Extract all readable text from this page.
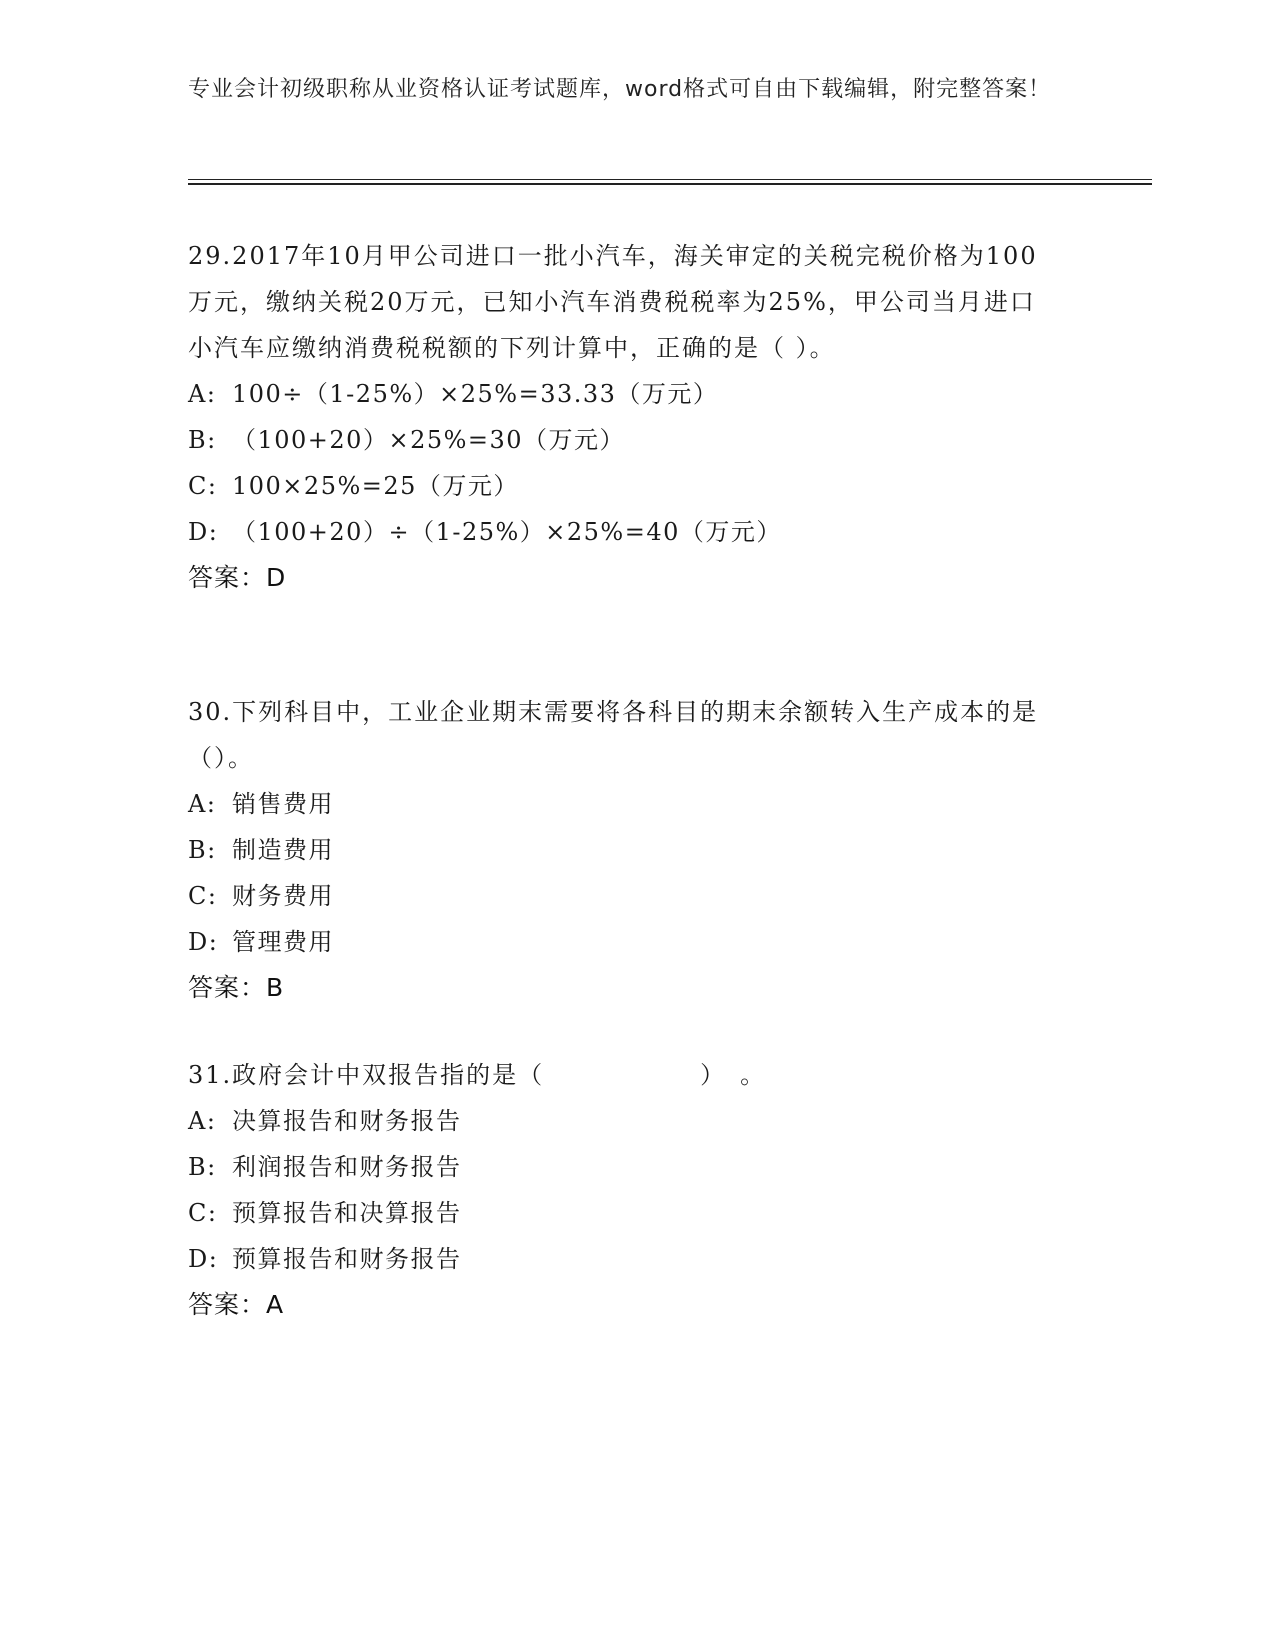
专业会计初级职称从业资格认证考试题库，word格式可自由下载编辑，附完整答案！
29.2017年10月甲公司进口一批小汽车，海关审定的关税完税价格为100万元，缴纳关税20万元，已知小汽车消费税税率为25%，甲公司当月进口小汽车应缴纳消费税税额的下列计算中，正确的是（ ）。
A: 100÷（1-25%）×25%=33.33（万元）
B: （100+20）×25%=30（万元）
C: 100×25%=25（万元）
D: （100+20）÷（1-25%）×25%=40（万元）
答案：D
30.下列科目中，工业企业期末需要将各科目的期末余额转入生产成本的是（）。
A: 销售费用
B: 制造费用
C: 财务费用
D: 管理费用
答案：B
31.政府会计中双报告指的是（　　　　　　）　。
A: 决算报告和财务报告
B: 利润报告和财务报告
C: 预算报告和决算报告
D: 预算报告和财务报告
答案：A
